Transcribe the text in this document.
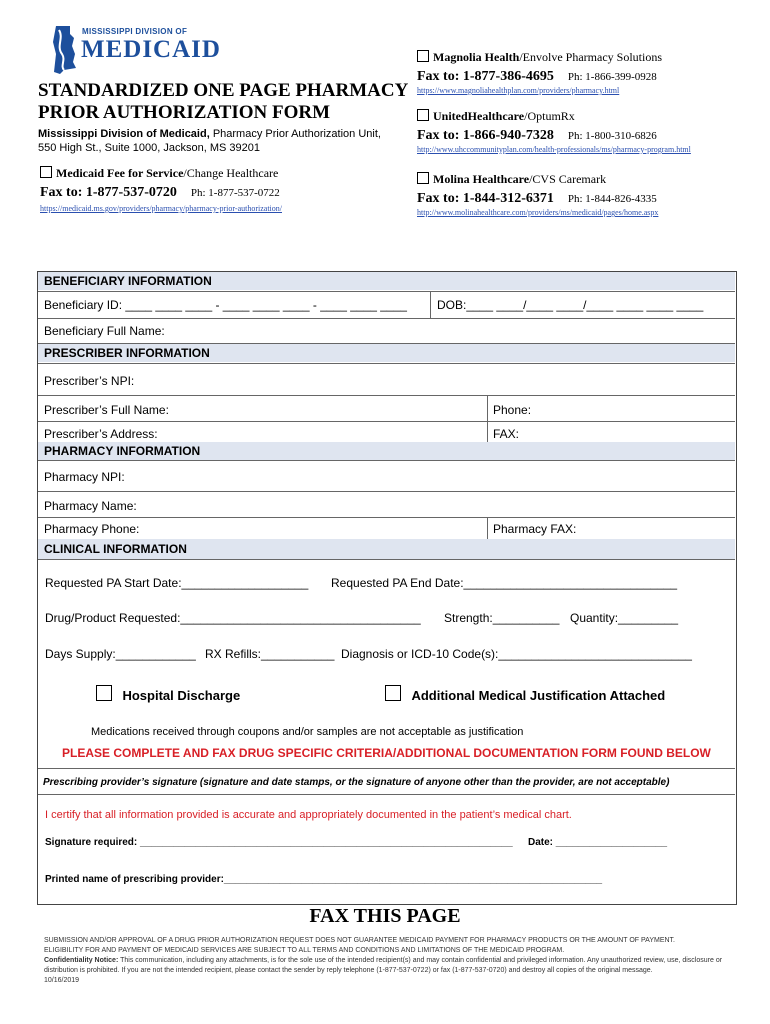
MISSISSIPPI DIVISION OF
MEDICAID
STANDARDIZED ONE PAGE PHARMACY
PRIOR AUTHORIZATION FORM
Mississippi Division of Medicaid, Pharmacy Prior Authorization Unit,
550 High St., Suite 1000, Jackson, MS 39201
Medicaid Fee for Service/Change Healthcare
Fax to: 1-877-537-0720 Ph: 1-877-537-0722
https://medicaid.ms.gov/providers/pharmacy/pharmacy-prior-authorization/
Magnolia Health/Envolve Pharmacy Solutions
Fax to: 1-877-386-4695 Ph: 1-866-399-0928
https://www.magnoliahealthplan.com/providers/pharmacy.html
UnitedHealthcare/OptumRx
Fax to: 1-866-940-7328 Ph: 1-800-310-6826
http://www.uhccommunityplan.com/health-professionals/ms/pharmacy-program.html
Molina Healthcare/CVS Caremark
Fax to: 1-844-312-6371 Ph: 1-844-826-4335
http://www.molinahealthcare.com/providers/ms/medicaid/pages/home.aspx
BENEFICIARY INFORMATION
Beneficiary ID: ____ ____ ____ - ____ ____ ____ - ____ ____ ____	DOB:____ ____/____ ____/____ ____ ____ ____
Beneficiary Full Name:
PRESCRIBER INFORMATION
Prescriber’s NPI:
Prescriber’s Full Name:	Phone:
Prescriber’s Address:	FAX:
PHARMACY INFORMATION
Pharmacy NPI:
Pharmacy Name:
Pharmacy Phone:	Pharmacy FAX:
CLINICAL INFORMATION
Requested PA Start Date:___________________ Requested PA End Date:________________________________
Drug/Product Requested:____________________________________ Strength:__________ Quantity:_________
Days Supply:____________ RX Refills:___________ Diagnosis or ICD-10 Code(s):_____________________________
Hospital Discharge	Additional Medical Justification Attached
Medications received through coupons and/or samples are not acceptable as justification
PLEASE COMPLETE AND FAX DRUG SPECIFIC CRITERIA/ADDITIONAL DOCUMENTATION FORM FOUND BELOW
Prescribing provider’s signature (signature and date stamps, or the signature of anyone other than the provider, are not acceptable)
I certify that all information provided is accurate and appropriately documented in the patient’s medical chart.
Signature required: ___________________________________________________________________ Date: ____________________
Printed name of prescribing provider:____________________________________________________________________
FAX THIS PAGE
SUBMISSION AND/OR APPROVAL OF A DRUG PRIOR AUTHORIZATION REQUEST DOES NOT GUARANTEE MEDICAID PAYMENT FOR PHARMACY PRODUCTS OR THE AMOUNT OF PAYMENT.
ELIGIBILITY FOR AND PAYMENT OF MEDICAID SERVICES ARE SUBJECT TO ALL TERMS AND CONDITIONS AND LIMITATIONS OF THE MEDICAID PROGRAM.
Confidentiality Notice: This communication, including any attachments, is for the sole use of the intended recipient(s) and may contain confidential and privileged information. Any unauthorized review, use, disclosure or distribution is prohibited. If you are not the intended recipient, please contact the sender by reply telephone (1-877-537-0722) or fax (1-877-537-0720) and destroy all copies of the original message.
10/16/2019
